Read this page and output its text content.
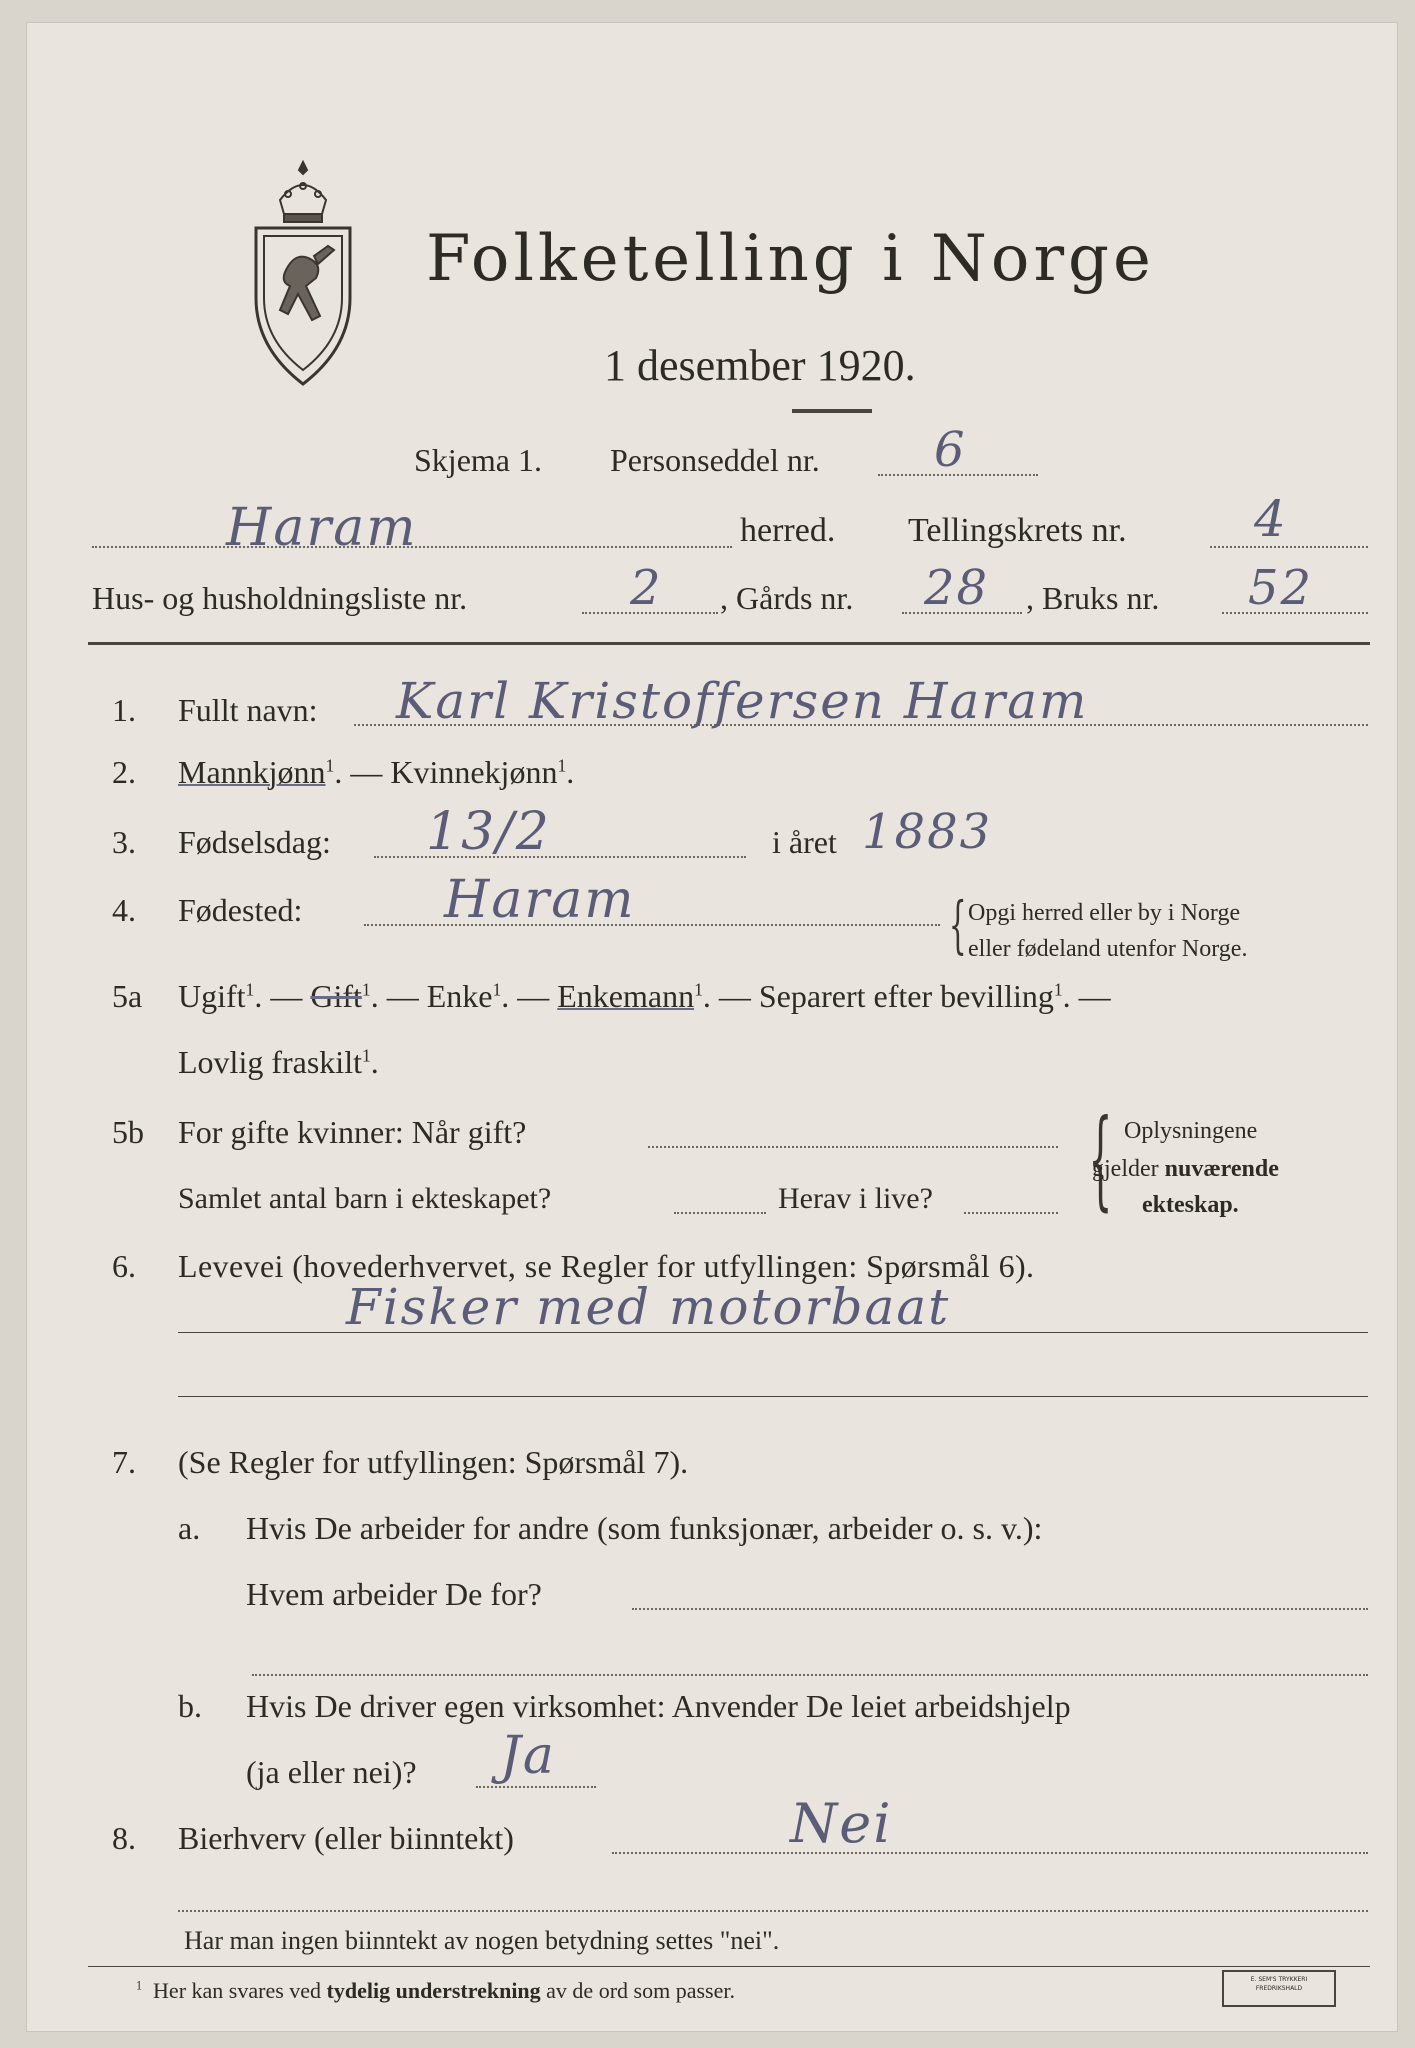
Folketelling i Norge
1 desember 1920.
Skjema 1. Personseddel nr. 6
Haram	herred. Tellingskrets nr.	4
Hus- og husholdningsliste nr.	2 , Gårds nr. 28 , Bruks nr. 52
1. Fullt navn: Karl Kristoffersen Haram
2. Mannkjønn$^1$. — Kvinnekjønn$^1$.
3. Fødselsdag: 13/2	i året 1883
4. Fødested:	Haram	{ Opgi herred eller by i Norge
eller fødeland utenfor Norge.
5a Ugift$^1$. — Gift$^1$. — Enke$^1$. — Enkemann$^1$. — Separert efter bevilling$^1$. —
Lovlig fraskilt$^1$.
5b For gifte kvinner: Når gift?
Samlet antal barn i ekteskapet?	Herav i live? { Oplysningene
gjelder nuværende
ekteskap.
6. Levevei (hovederhvervet, se Regler for utfyllingen: Spørsmål 6).
Fisker med motorbaat
7. (Se Regler for utfyllingen: Spørsmål 7).
a. Hvis De arbeider for andre (som funksjonær, arbeider o. s. v.):
Hvem arbeider De for?
b. Hvis De driver egen virksomhet: Anvender De leiet arbeidshjelp
(ja eller nei)? Ja
8. Bierhverv (eller biinntekt)	Nei
Har man ingen biinntekt av nogen betydning settes "nei".
$^1$ Her kan svares ved tydelig understrekning av de ord som passer.	E. SEM'S TRYKKERI
FREDRIKSHALD
